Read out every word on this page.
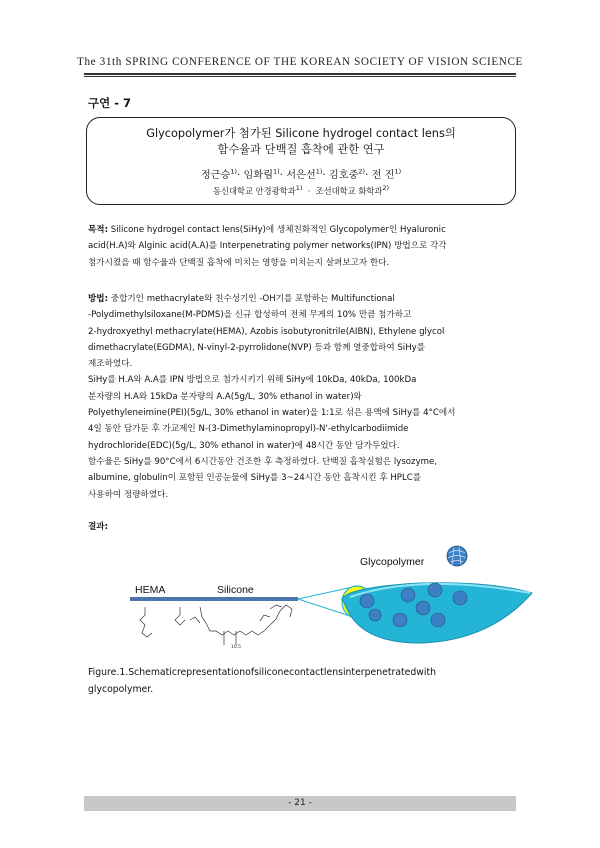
The 31th SPRING CONFERENCE OF THE KOREAN SOCIETY OF VISION SCIENCE
구연 - 7
Glycopolymer가 첨가된 Silicone hydrogel contact lens의
함수율과 단백질 흡착에 관한 연구
정근승$^{1)}$· 임화림$^{1)}$· 서은선$^{1)}$· 김호중$^{2)}$· 전 진$^{1)}$
동신대학교 안경광학과$^{1)}$  ·  조선대학교 화학과$^{2)}$
목적: Silicone hydrogel contact lens(SiHy)에 생체친화적인 Glycopolymer인 Hyaluronic
acid(H.A)와 Alginic acid(A.A)를 Interpenetrating polymer networks(IPN) 방법으로 각각
첨가시켰을 때 함수율과 단백질 흡착에 미치는 영향을 미치는지 살펴보고자 한다.
방법: 중합기인 methacrylate와 친수성기인 -OH기를 포함하는 Multifunctional
-Polydimethylsiloxane(M-PDMS)을 신규 합성하여 전체 무게의 10% 만큼 첨가하고
2-hydroxyethyl methacrylate(HEMA), Azobis isobutyronitrile(AIBN), Ethylene glycol
dimethacrylate(EGDMA), N-vinyl-2-pyrrolidone(NVP) 등과 함께 열중합하여 SiHy를
제조하였다.
SiHy를 H.A와 A.A를 IPN 방법으로 첨가시키기 위해 SiHy에 10kDa, 40kDa, 100kDa
분자량의 H.A와 15kDa 분자량의 A.A(5g/L, 30% ethanol in water)와
Polyethyleneimine(PEI)(5g/L, 30% ethanol in water)을 1:1로 섞은 용액에 SiHy를 4°C에서
4일 동안 담가둔 후 가교제인 N-(3-Dimethylaminopropyl)-N'-ethylcarbodiimide
hydrochloride(EDC)(5g/L, 30% ethanol in water)에 48시간 동안 담가두었다.
함수율은 SiHy를 90°C에서 6시간동안 건조한 후 측정하였다. 단백질 흡착실험은 lysozyme,
albumine, globulin이 포함된 인공눈물에 SiHy를 3~24시간 동안 흡착시킨 후 HPLC를
사용하여 정량하였다.
결과:
HEMA	Silicone
10.5
Glycopolymer
Figure.1.Schematicrepresentationofsiliconecontactlensinterpenetratedwith
glycopolymer.
- 21 -
